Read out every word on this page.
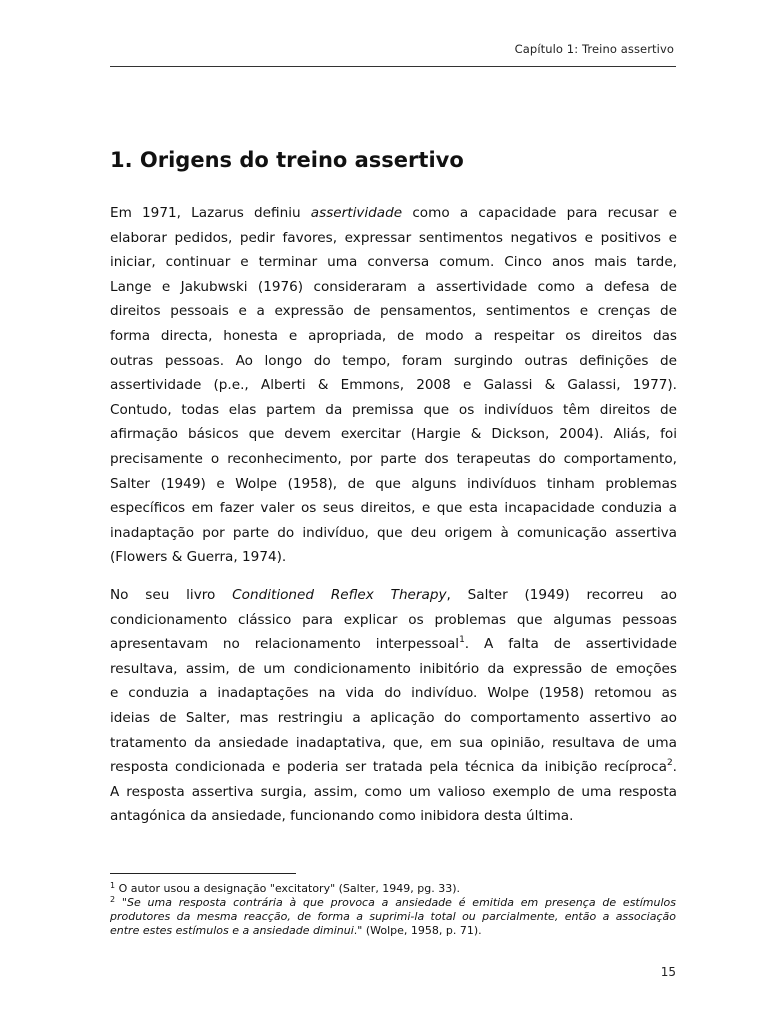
Capítulo 1: Treino assertivo
1. Origens do treino assertivo

Em 1971, Lazarus definiu assertividade como a capacidade para recusar e
elaborar pedidos, pedir favores, expressar sentimentos negativos e positivos e
iniciar, continuar e terminar uma conversa comum. Cinco anos mais tarde,
Lange e Jakubwski (1976) consideraram a assertividade como a defesa de
direitos pessoais e a expressão de pensamentos, sentimentos e crenças de
forma directa, honesta e apropriada, de modo a respeitar os direitos das
outras pessoas. Ao longo do tempo, foram surgindo outras definições de
assertividade (p.e., Alberti & Emmons, 2008 e Galassi & Galassi, 1977).
Contudo, todas elas partem da premissa que os indivíduos têm direitos de
afirmação básicos que devem exercitar (Hargie & Dickson, 2004). Aliás, foi
precisamente o reconhecimento, por parte dos terapeutas do comportamento,
Salter (1949) e Wolpe (1958), de que alguns indivíduos tinham problemas
específicos em fazer valer os seus direitos, e que esta incapacidade conduzia a
inadaptação por parte do indivíduo, que deu origem à comunicação assertiva
(Flowers & Guerra, 1974).

No seu livro Conditioned Reflex Therapy, Salter (1949) recorreu ao
condicionamento clássico para explicar os problemas que algumas pessoas
apresentavam no relacionamento interpessoal$^1$. A falta de assertividade
resultava, assim, de um condicionamento inibitório da expressão de emoções
e conduzia a inadaptações na vida do indivíduo. Wolpe (1958) retomou as
ideias de Salter, mas restringiu a aplicação do comportamento assertivo ao
tratamento da ansiedade inadaptativa, que, em sua opinião, resultava de uma
resposta condicionada e poderia ser tratada pela técnica da inibição recíproca$^2$.
A resposta assertiva surgia, assim, como um valioso exemplo de uma resposta
antagónica da ansiedade, funcionando como inibidora desta última.

$^1$ O autor usou a designação "excitatory" (Salter, 1949, pg. 33).
$^2$ "Se uma resposta contrária à que provoca a ansiedade é emitida em presença de estímulos
produtores da mesma reacção, de forma a suprimi-la total ou parcialmente, então a associação
entre estes estímulos e a ansiedade diminui." (Wolpe, 1958, p. 71).
15
